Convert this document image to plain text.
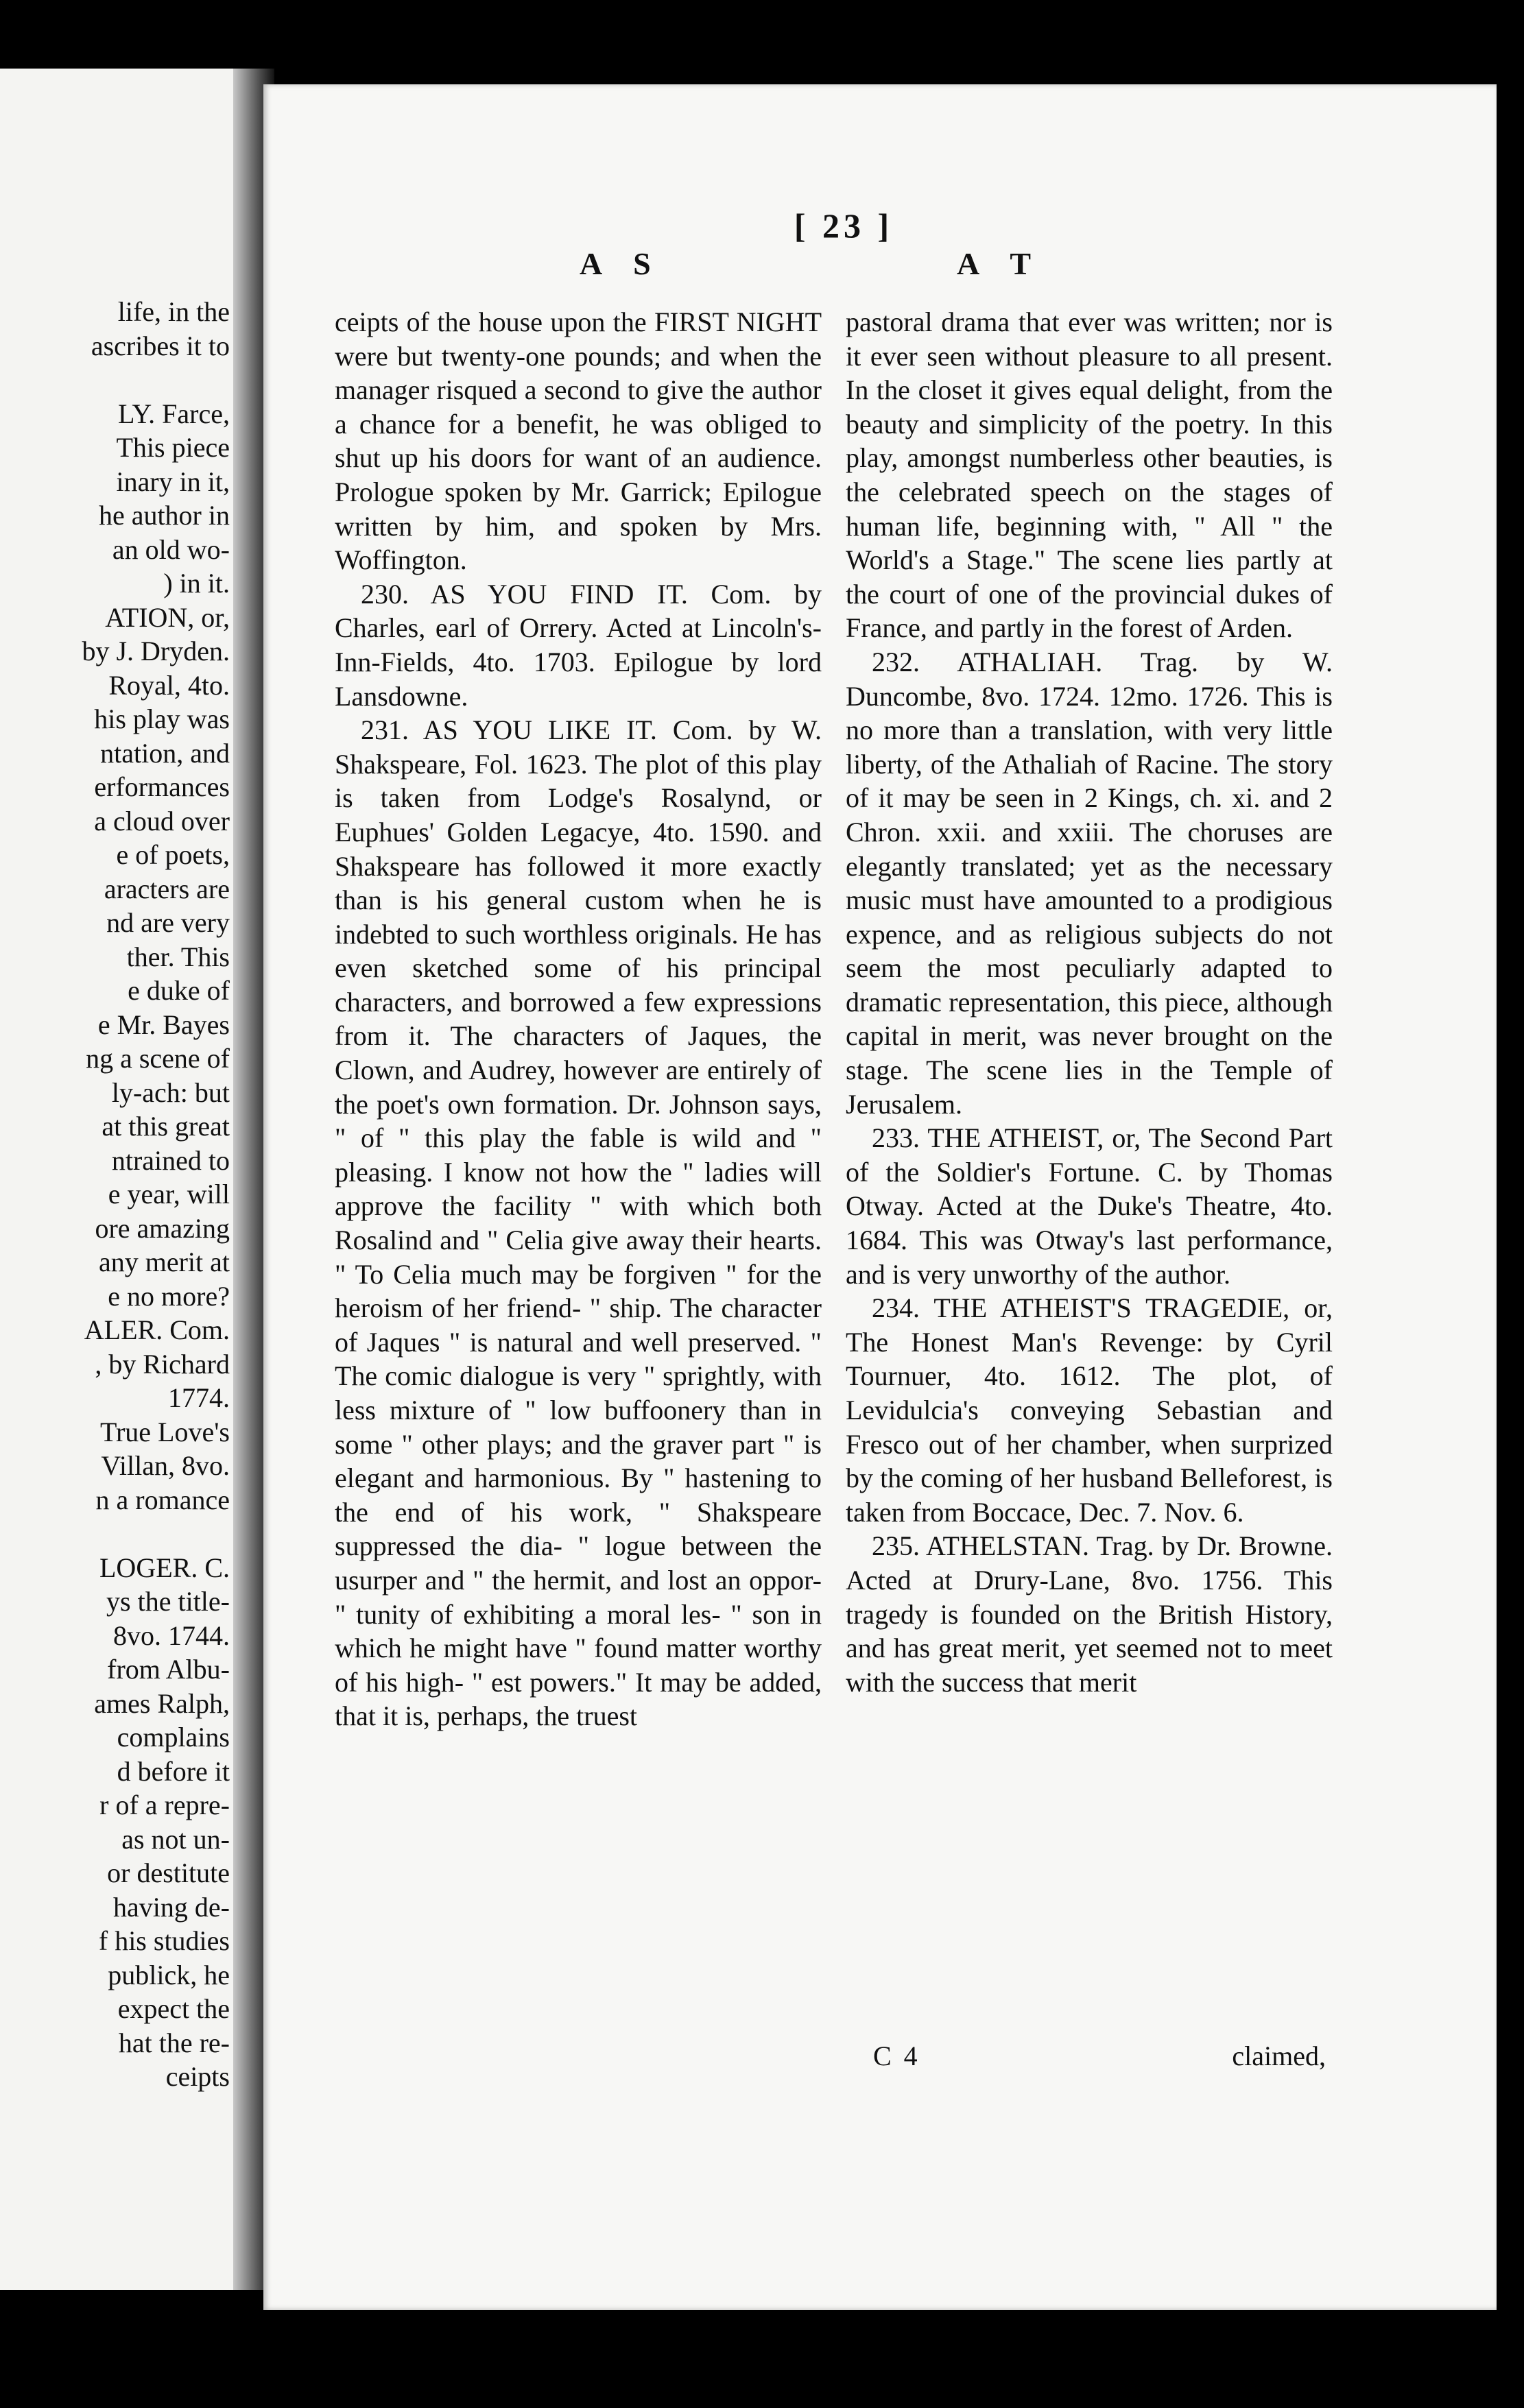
life, in the
ascribes it to
LY. Farce,
This piece
inary in it,
he author in
an old wo-
) in it.
ATION, or,
by J. Dryden.
Royal, 4to.
his play was
ntation, and
erformances
a cloud over
e of poets,
aracters are
nd are very
ther. This
e duke of
e Mr. Bayes
ng a scene of
ly-ach: but
at this great
ntrained to
e year, will
ore amazing
any merit at
e no more?
ALER. Com.
, by Richard
1774.
True Love's
Villan, 8vo.
n a romance
LOGER. C.
ys the title-
8vo. 1744.
from Albu-
ames Ralph,
complains
d before it
r of a repre-
as not un-
or destitute
having de-
f his studies
publick, he
expect the
hat the re-
ceipts
[ 23 ]
A S	A T

ceipts of the house upon the FIRST NIGHT were but twenty-one pounds; and when the manager risqued a second to give the author a chance for a benefit, he was obliged to shut up his doors for want of an audience. Prologue spoken by Mr. Garrick; Epilogue written by him, and spoken by Mrs. Woffington.

230. AS YOU FIND IT. Com. by Charles, earl of Orrery. Acted at Lincoln's-Inn-Fields, 4to. 1703. Epilogue by lord Lansdowne.

231. AS YOU LIKE IT. Com. by W. Shakspeare, Fol. 1623. The plot of this play is taken from Lodge's Rosalynd, or Euphues' Golden Legacye, 4to. 1590. and Shakspeare has followed it more exactly than is his general custom when he is indebted to such worthless originals. He has even sketched some of his principal characters, and borrowed a few expressions from it. The characters of Jaques, the Clown, and Audrey, however are entirely of the poet's own formation. Dr. Johnson says, " of " this play the fable is wild and " pleasing. I know not how the " ladies will approve the facility " with which both Rosalind and " Celia give away their hearts. " To Celia much may be forgiven " for the heroism of her friend- " ship. The character of Jaques " is natural and well preserved. " The comic dialogue is very " sprightly, with less mixture of " low buffoonery than in some " other plays; and the graver part " is elegant and harmonious. By " hastening to the end of his work, " Shakspeare suppressed the dia- " logue between the usurper and " the hermit, and lost an oppor- " tunity of exhibiting a moral les- " son in which he might have " found matter worthy of his high- " est powers." It may be added, that it is, perhaps, the truest

pastoral drama that ever was written; nor is it ever seen without pleasure to all present. In the closet it gives equal delight, from the beauty and simplicity of the poetry. In this play, amongst numberless other beauties, is the celebrated speech on the stages of human life, beginning with, " All " the World's a Stage." The scene lies partly at the court of one of the provincial dukes of France, and partly in the forest of Arden.

232. ATHALIAH. Trag. by W. Duncombe, 8vo. 1724. 12mo. 1726. This is no more than a translation, with very little liberty, of the Athaliah of Racine. The story of it may be seen in 2 Kings, ch. xi. and 2 Chron. xxii. and xxiii. The choruses are elegantly translated; yet as the necessary music must have amounted to a prodigious expence, and as religious subjects do not seem the most peculiarly adapted to dramatic representation, this piece, although capital in merit, was never brought on the stage. The scene lies in the Temple of Jerusalem.

233. THE ATHEIST, or, The Second Part of the Soldier's Fortune. C. by Thomas Otway. Acted at the Duke's Theatre, 4to. 1684. This was Otway's last performance, and is very unworthy of the author.

234. THE ATHEIST'S TRAGEDIE, or, The Honest Man's Revenge: by Cyril Tournuer, 4to. 1612. The plot, of Levidulcia's conveying Sebastian and Fresco out of her chamber, when surprized by the coming of her husband Belleforest, is taken from Boccace, Dec. 7. Nov. 6.

235. ATHELSTAN. Trag. by Dr. Browne. Acted at Drury-Lane, 8vo. 1756. This tragedy is founded on the British History, and has great merit, yet seemed not to meet with the success that merit

C 4	claimed,
